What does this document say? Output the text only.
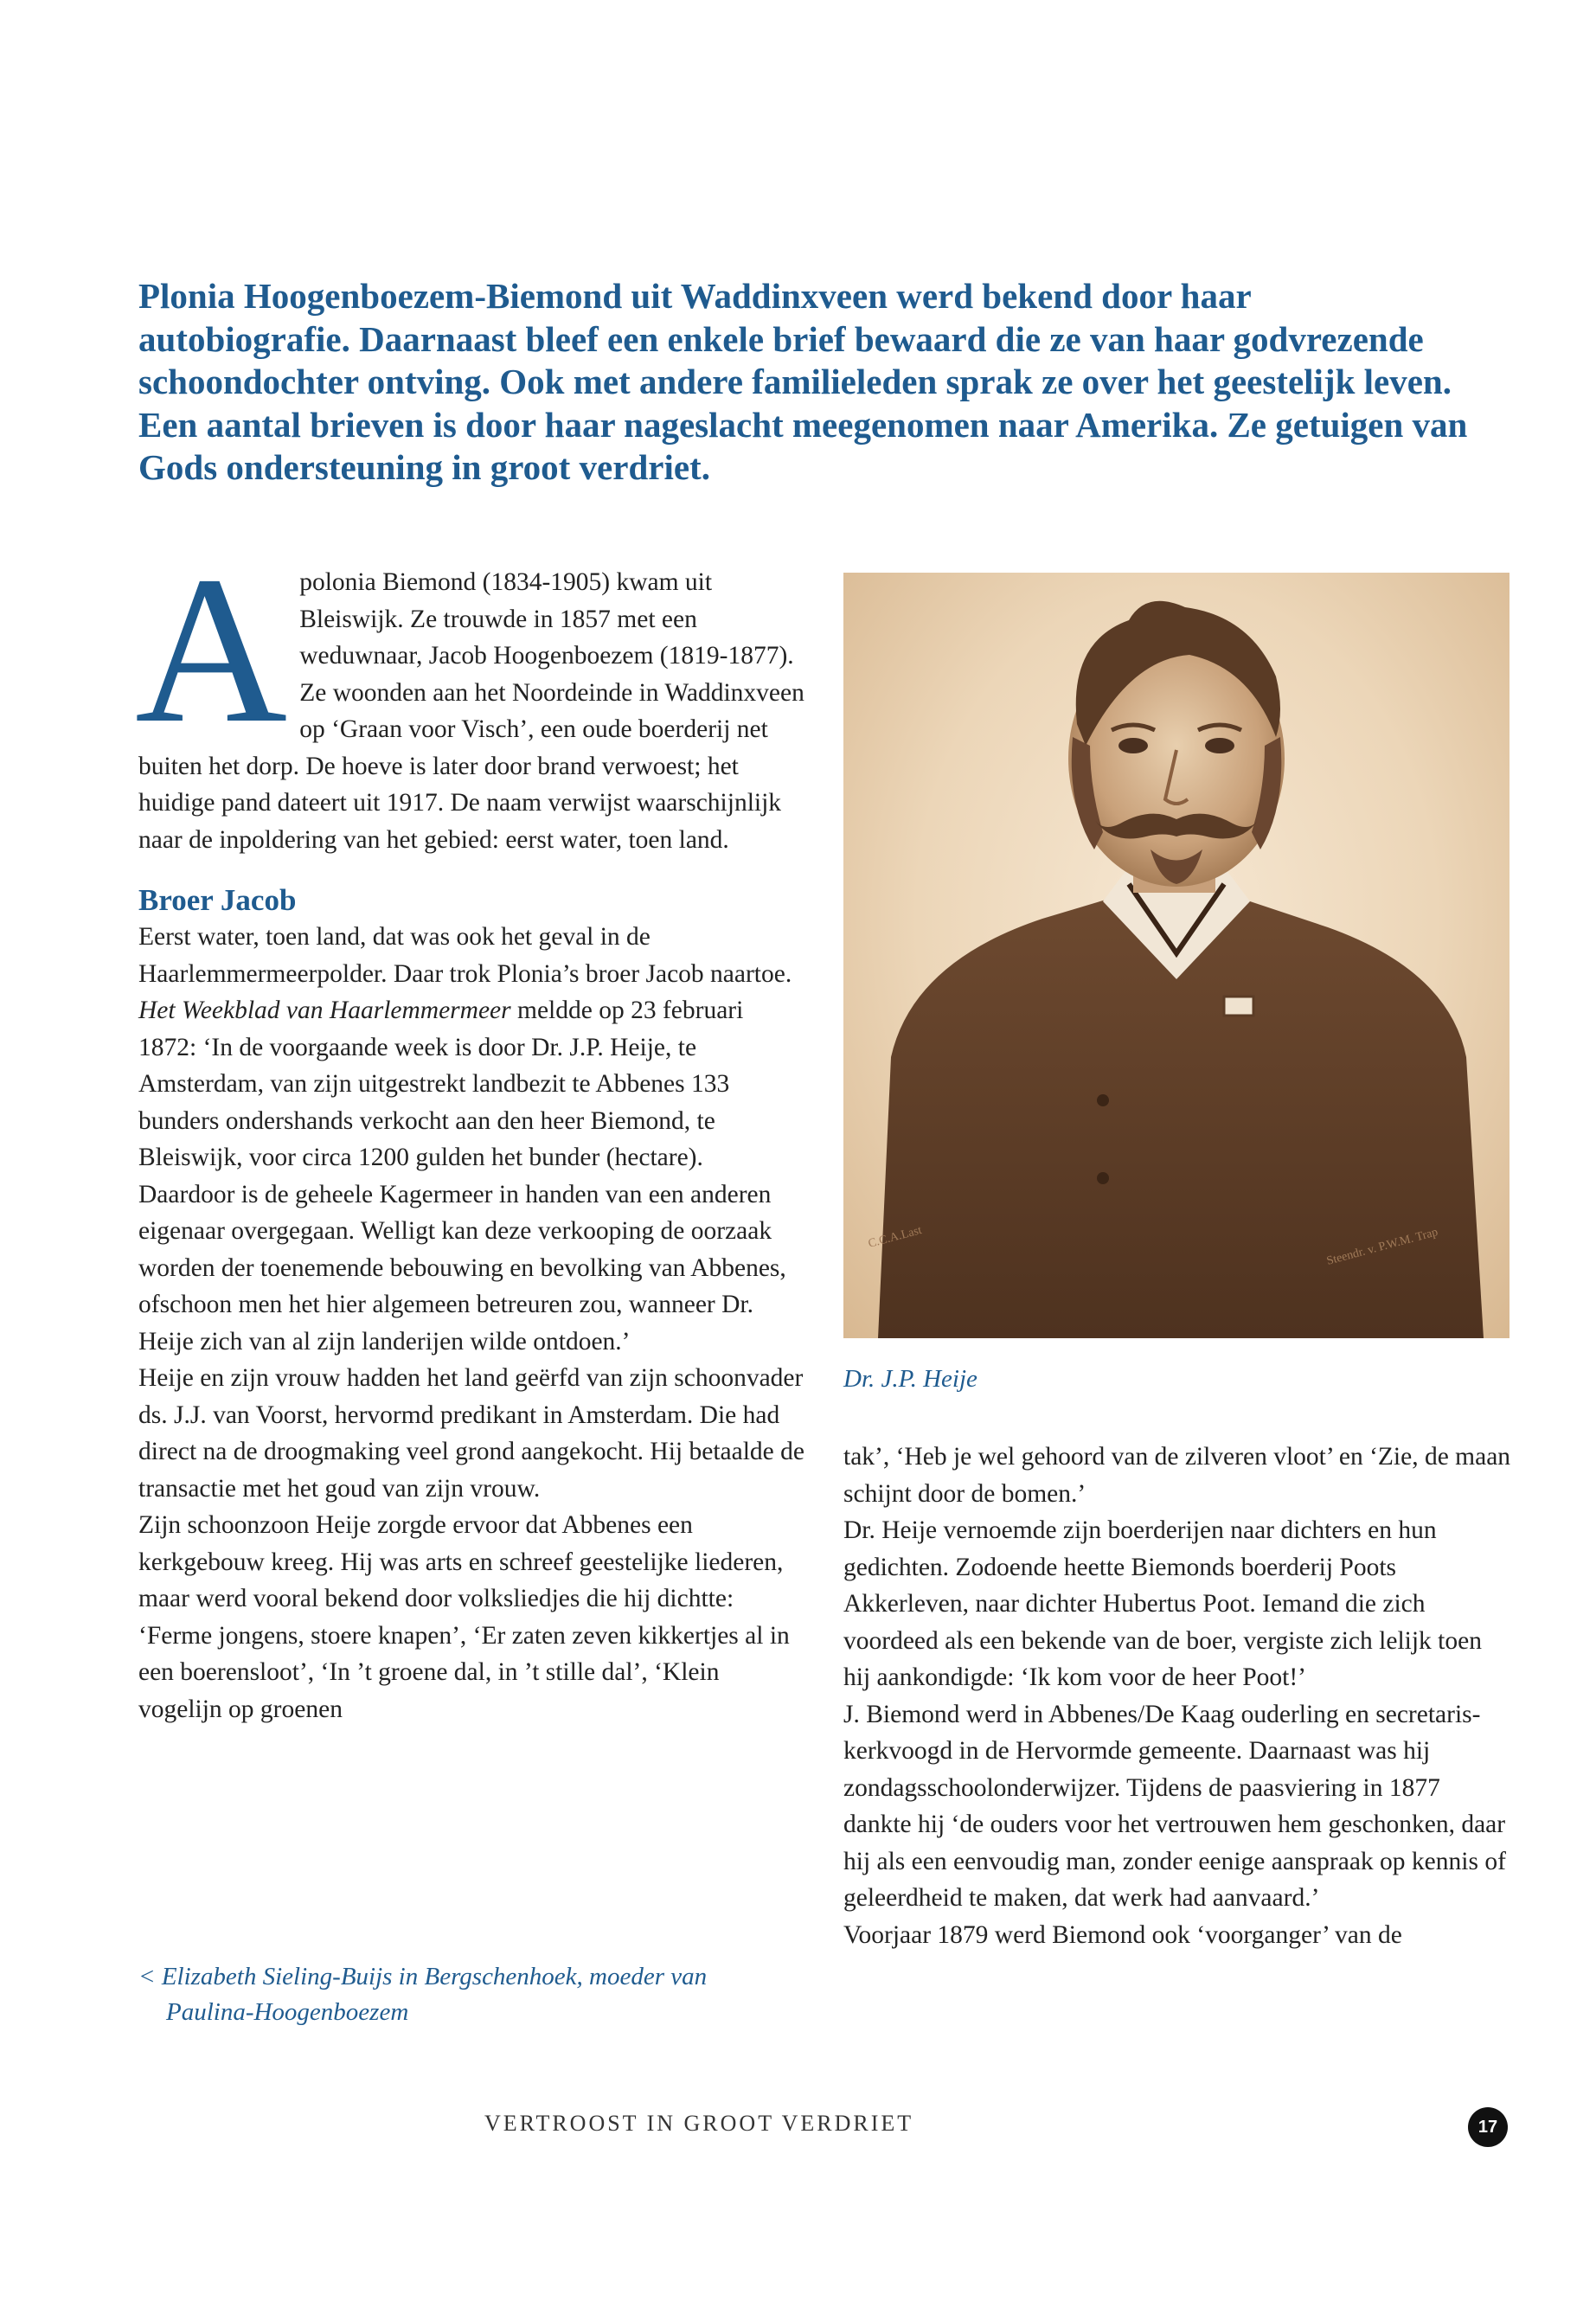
Plonia Hoogenboezem-Biemond uit Waddinxveen werd bekend door haar autobiografie. Daarnaast bleef een enkele brief bewaard die ze van haar godvrezende schoondochter ontving. Ook met andere familieleden sprak ze over het geestelijk leven. Een aantal brieven is door haar nageslacht meegenomen naar Amerika. Ze getuigen van Gods ondersteuning in groot verdriet.
A polonia Biemond (1834-1905) kwam uit Bleiswijk. Ze trouwde in 1857 met een weduwnaar, Jacob Hoogenboezem (1819-1877). Ze woonden aan het Noordeinde in Waddinxveen op ‘Graan voor Visch’, een oude boerderij net buiten het dorp. De hoeve is later door brand verwoest; het huidige pand dateert uit 1917. De naam verwijst waarschijnlijk naar de inpoldering van het gebied: eerst water, toen land.

Broer Jacob

Eerst water, toen land, dat was ook het geval in de Haarlemmermeerpolder. Daar trok Plonia’s broer Jacob naartoe. Het Weekblad van Haarlemmermeer meldde op 23 februari 1872: ‘In de voorgaande week is door Dr. J.P. Heije, te Amsterdam, van zijn uitgestrekt landbezit te Abbenes 133 bunders ondershands verkocht aan den heer Biemond, te Bleiswijk, voor circa 1200 gulden het bunder (hectare). Daardoor is de geheele Kagermeer in handen van een anderen eigenaar overgegaan. Welligt kan deze verkooping de oorzaak worden der toenemende bebouwing en bevolking van Abbenes, ofschoon men het hier algemeen betreuren zou, wanneer Dr. Heije zich van al zijn landerijen wilde ontdoen.’

Heije en zijn vrouw hadden het land geërfd van zijn schoonvader ds. J.J. van Voorst, hervormd predikant in Amsterdam. Die had direct na de droogmaking veel grond aangekocht. Hij betaalde de transactie met het goud van zijn vrouw.

Zijn schoonzoon Heije zorgde ervoor dat Abbenes een kerkgebouw kreeg. Hij was arts en schreef geestelijke liederen, maar werd vooral bekend door volksliedjes die hij dichtte: ‘Ferme jongens, stoere knapen’, ‘Er zaten zeven kikkertjes al in een boerensloot’, ‘In ’t groene dal, in ’t stille dal’, ‘Klein vogelijn op groenen

C.C.A.Last	Steendr. v. P.W.M. Trap
Dr. J.P. Heije

tak’, ‘Heb je wel gehoord van de zilveren vloot’ en ‘Zie, de maan schijnt door de bomen.’

Dr. Heije vernoemde zijn boerderijen naar dichters en hun gedichten. Zodoende heette Biemonds boerderij Poots Akkerleven, naar dichter Hubertus Poot. Iemand die zich voordeed als een bekende van de boer, vergiste zich lelijk toen hij aankondigde: ‘Ik kom voor de heer Poot!’

J. Biemond werd in Abbenes/De Kaag ouderling en secretaris-kerkvoogd in de Hervormde gemeente. Daarnaast was hij zondagsschoolonderwijzer. Tijdens de paasviering in 1877 dankte hij ‘de ouders voor het vertrouwen hem geschonken, daar hij als een eenvoudig man, zonder eenige aanspraak op kennis of geleerdheid te maken, dat werk had aanvaard.’

Voorjaar 1879 werd Biemond ook ‘voorganger’ van de

< Elizabeth Sieling-Buijs in Bergschenhoek, moeder van
Paulina-Hoogenboezem
VERTROOST IN GROOT VERDRIET	17
